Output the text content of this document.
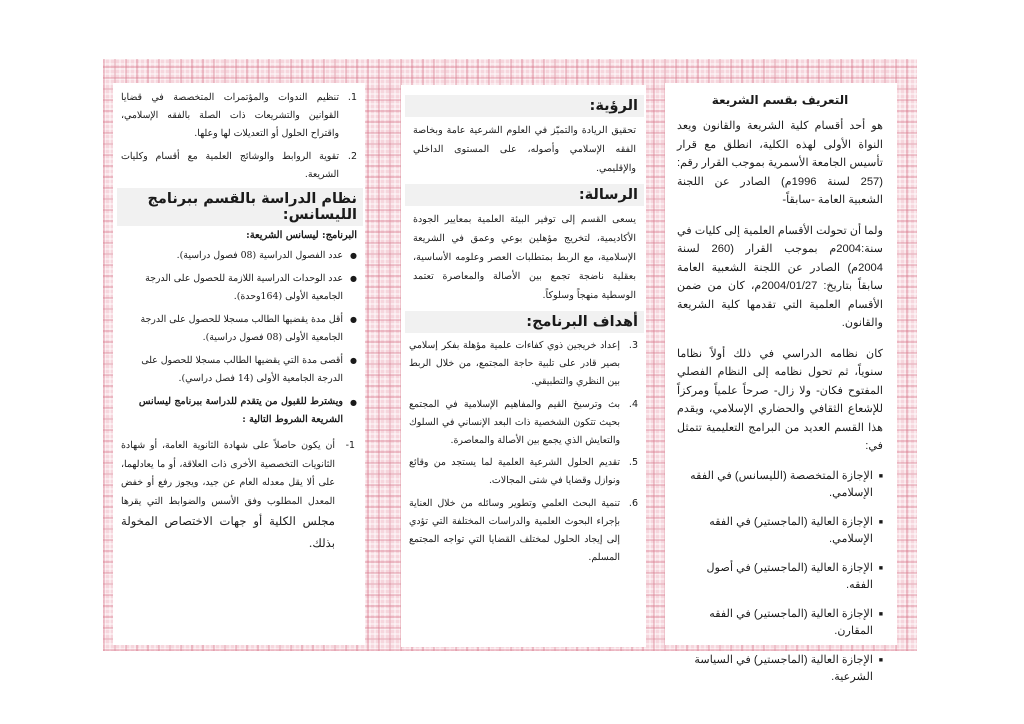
التعريف بقسم الشريعة

هو أحد أقسام كلية الشريعة والقانون ويعد النواة الأولى لهذه الكلية، انطلق مع قرار تأسيس الجامعة الأسمرية بموجب القرار رقم: (257 لسنة 1996م) الصادر عن اللجنة الشعبية العامة -سابقاً-

ولما أن تحولت الأقسام العلمية إلى كليات في سنة:2004م بموجب القرار (260 لسنة 2004م) الصادر عن اللجنة الشعبية العامة سابقاً بتاريخ: 2004/01/27م، كان من ضمن الأقسام العلمية التي تقدمها كلية الشريعة والقانون.

كان نظامه الدراسي في ذلك أولاً نظاما سنوياً، ثم تحول نظامه إلى النظام الفصلي المفتوح فكان- ولا زال- صرحاً علمياً ومركزاً للإشعاع الثقافي والحضاري الإسلامي، ويقدم هذا القسم العديد من البرامج التعليمية تتمثل في:

■ الإجازة المتخصصة (الليسانس) في الفقه الإسلامي.
■ الإجازة العالية (الماجستير) في الفقه الإسلامي.
■ الإجازة العالية (الماجستير) في أصول الفقه.
■ الإجازة العالية (الماجستير) في الفقه المقارن.
■ الإجازة العالية (الماجستير) في السياسة الشرعية.
الرؤية:

تحقيق الريادة والتميّز في العلوم الشرعية عامة وبخاصة الفقه الإسلامي وأصوله، على المستوى الداخلي والإقليمي.

الرسالة:

يسعى القسم إلى توفير البيئة العلمية بمعايير الجودة الأكاديمية، لتخريج مؤهلين بوعي وعمق في الشريعة الإسلامية، مع الربط بمتطلبات العصر وعلومه الأساسية، بعقلية ناضجة تجمع بين الأصالة والمعاصرة تعتمد الوسطية منهجاً وسلوكاً.

أهداف البرنامج:
3.
إعداد خريجين ذوي كفاءات علمية مؤهلة بفكر إسلامي بصير قادر على تلبية حاجة المجتمع، من خلال الربط بين النظري والتطبيقي.
4.
بث وترسيخ القيم والمفاهيم الإسلامية في المجتمع بحيث تتكون الشخصية ذات البعد الإنساني في السلوك والتعايش الذي يجمع بين الأصالة والمعاصرة.
5.
تقديم الحلول الشرعية العلمية لما يستجد من وقائع ونوازل وقضايا في شتى المجالات.
6.
تنمية البحث العلمي وتطوير وسائله من خلال العناية بإجراء البحوث العلمية والدراسات المختلفة التي تؤدي إلى إيجاد الحلول لمختلف القضايا التي تواجه المجتمع المسلم.
1.
تنظيم الندوات والمؤتمرات المتخصصة في قضايا القوانين والتشريعات ذات الصلة بالفقه الإسلامي، واقتراح الحلول أو التعديلات لها وعلها.
2.
تقوية الروابط والوشائج العلمية مع أقسام وكليات الشريعة.
نظام الدراسة بالقسم ببرنامج الليسانس:
البرنامج: ليسانس الشريعة:
● عدد الفصول الدراسية (08 فصول دراسية).
● عدد الوحدات الدراسية اللازمة للحصول على الدرجة الجامعية الأولى (164وحدة).
● أقل مدة يقضيها الطالب مسجلا للحصول على الدرجة الجامعية الأولى (08 فصول دراسية).
● أقصى مدة التي يقضيها الطالب مسجلا للحصول على الدرجة الجامعية الأولى (14 فصل دراسي).
● ويشترط للقبول من يتقدم للدراسة ببرنامج ليسانس الشريعة الشروط التالية :
1-
أن يكون حاصلاً على شهادة الثانوية العامة، أو شهادة الثانويات التخصصية الأخرى ذات العلاقة، أو ما يعادلهما، على ألا يقل معدله العام عن جيد، ويجوز رفع أو خفض المعدل المطلوب وفق الأسس والضوابط التي يقرها مجلس الكلية أو جهات الاختصاص المخولة بذلك.
